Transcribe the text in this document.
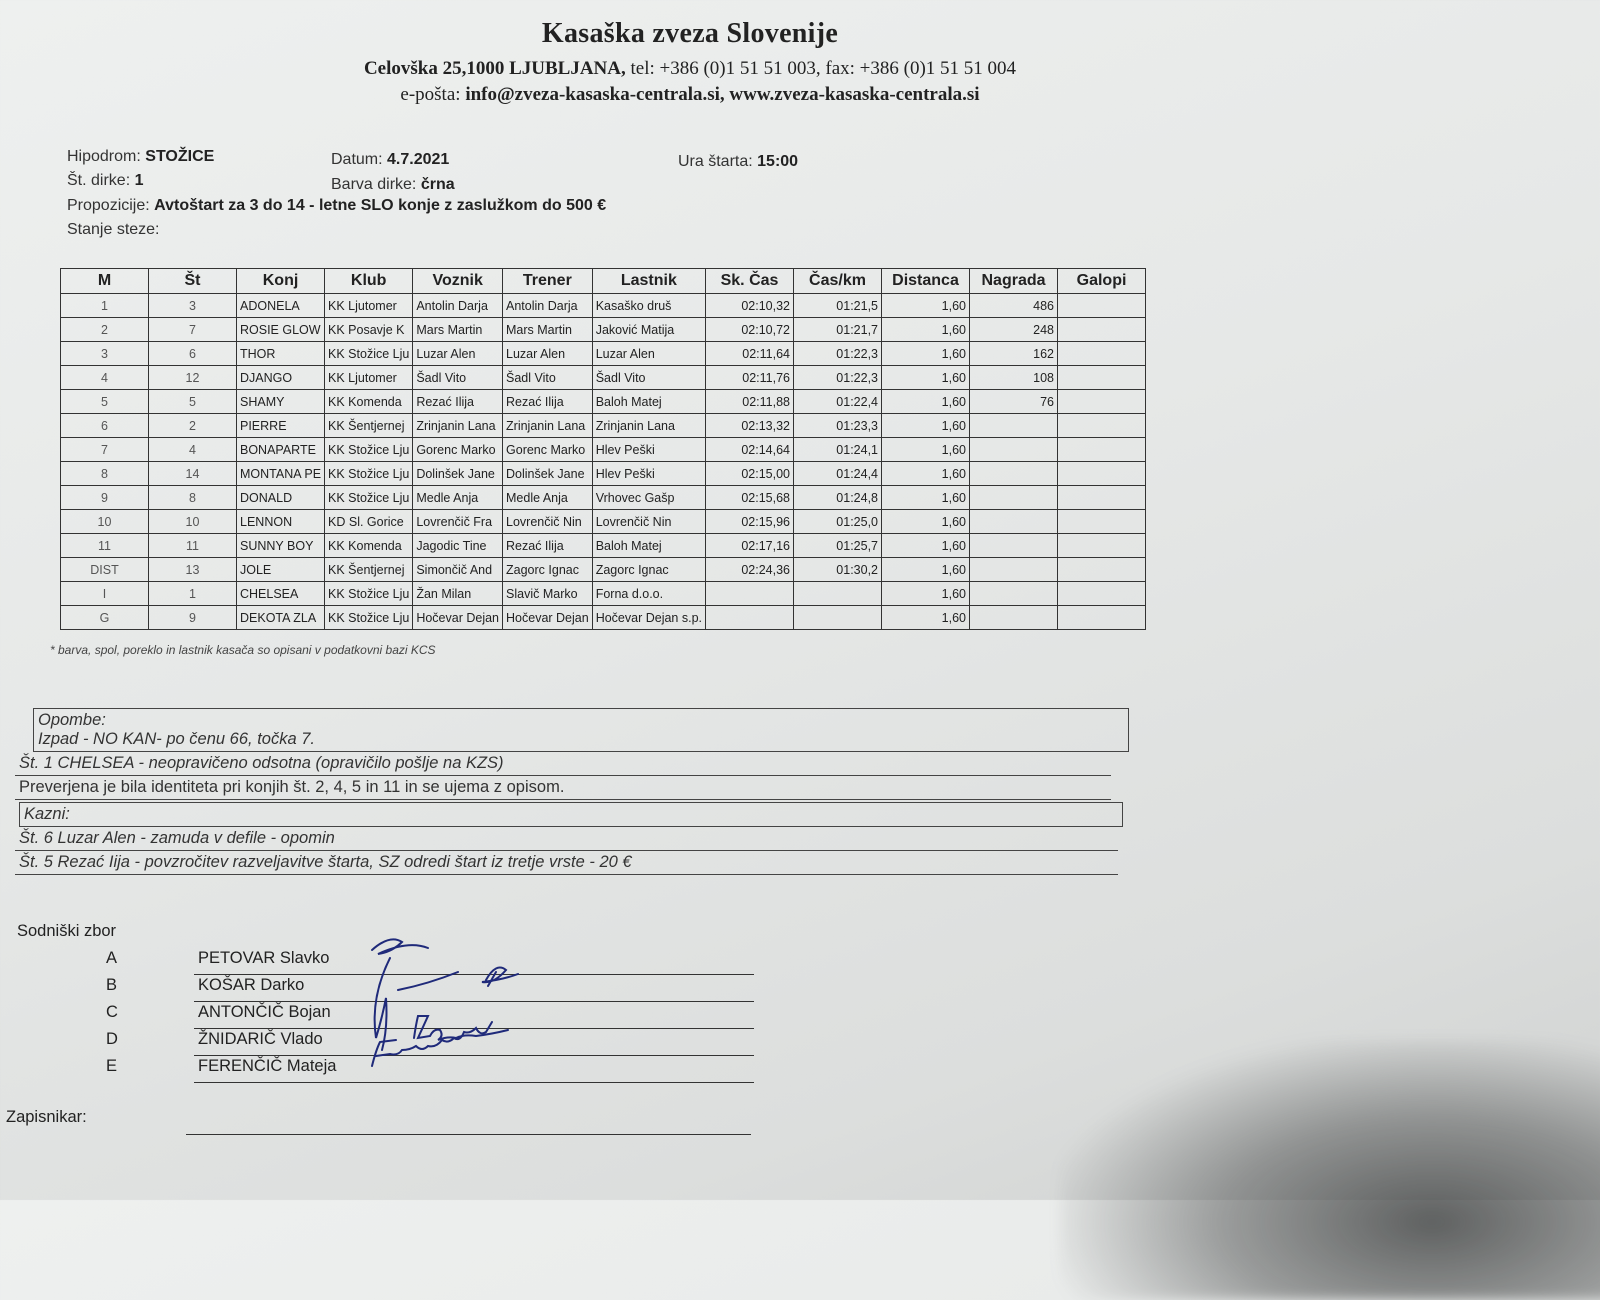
Kasaška zveza Slovenije
Celovška 25,1000 LJUBLJANA, tel: +386 (0)1 51 51 003, fax: +386 (0)1 51 51 004
e-pošta: info@zveza-kasaska-centrala.si, www.zveza-kasaska-centrala.si
Hipodrom: STOŽICE	Datum: 4.7.2021	Ura štarta: 15:00
Št. dirke: 1	Barva dirke: črna
Propozicije: Avtoštart za 3 do 14 - letne SLO konje z zaslužkom do 500 €
Stanje steze:
M	Št	Konj	Klub	Voznik	Trener	Lastnik	Sk. Čas	Čas/km	Distanca	Nagrada	Galopi
1	3	ADONELA	KK Ljutomer	Antolin Darja	Antolin Darja	Kasaško druš	02:10,32	01:21,5	1,60	486	
2	7	ROSIE GLOW	KK Posavje K	Mars Martin	Mars Martin	Jaković Matija	02:10,72	01:21,7	1,60	248	
3	6	THOR	KK Stožice Lju	Luzar Alen	Luzar Alen	Luzar Alen	02:11,64	01:22,3	1,60	162	
4	12	DJANGO	KK Ljutomer	Šadl Vito	Šadl Vito	Šadl Vito	02:11,76	01:22,3	1,60	108	
5	5	SHAMY	KK Komenda	Rezać Ilija	Rezać Ilija	Baloh Matej	02:11,88	01:22,4	1,60	76	
6	2	PIERRE	KK Šentjernej	Zrinjanin Lana	Zrinjanin Lana	Zrinjanin Lana	02:13,32	01:23,3	1,60		
7	4	BONAPARTE	KK Stožice Lju	Gorenc Marko	Gorenc Marko	Hlev Peški	02:14,64	01:24,1	1,60		
8	14	MONTANA PE	KK Stožice Lju	Dolinšek Jane	Dolinšek Jane	Hlev Peški	02:15,00	01:24,4	1,60		
9	8	DONALD	KK Stožice Lju	Medle Anja	Medle Anja	Vrhovec Gašp	02:15,68	01:24,8	1,60		
10	10	LENNON	KD Sl. Gorice	Lovrenčič Fra	Lovrenčič Nin	Lovrenčič Nin	02:15,96	01:25,0	1,60		
11	11	SUNNY BOY	KK Komenda	Jagodic Tine	Rezać Ilija	Baloh Matej	02:17,16	01:25,7	1,60		
DIST	13	JOLE	KK Šentjernej	Simončič And	Zagorc Ignac	Zagorc Ignac	02:24,36	01:30,2	1,60		
I	1	CHELSEA	KK Stožice Lju	Žan Milan	Slavič Marko	Forna d.o.o.			1,60		
G	9	DEKOTA ZLA	KK Stožice Lju	Hočevar Dejan	Hočevar Dejan	Hočevar Dejan s.p.			1,60		
* barva, spol, poreklo in lastnik kasača so opisani v podatkovni bazi KCS
Opombe:
Izpad - NO KAN- po čenu 66, točka 7.
Št. 1 CHELSEA - neopravičeno odsotna (opravičilo pošlje na KZS)
Preverjena je bila identiteta pri konjih št. 2, 4, 5 in 11 in se ujema z opisom.
Kazni:
Št. 6 Luzar Alen - zamuda v defile - opomin
Št. 5 Rezać Iija - povzročitev razveljavitve štarta, SZ odredi štart iz tretje vrste - 20 €
Sodniški zbor
A	PETOVAR Slavko
B	KOŠAR Darko
C	ANTONČIČ Bojan
D	ŽNIDARIČ Vlado
E	FERENČIČ Mateja
Zapisnikar:
